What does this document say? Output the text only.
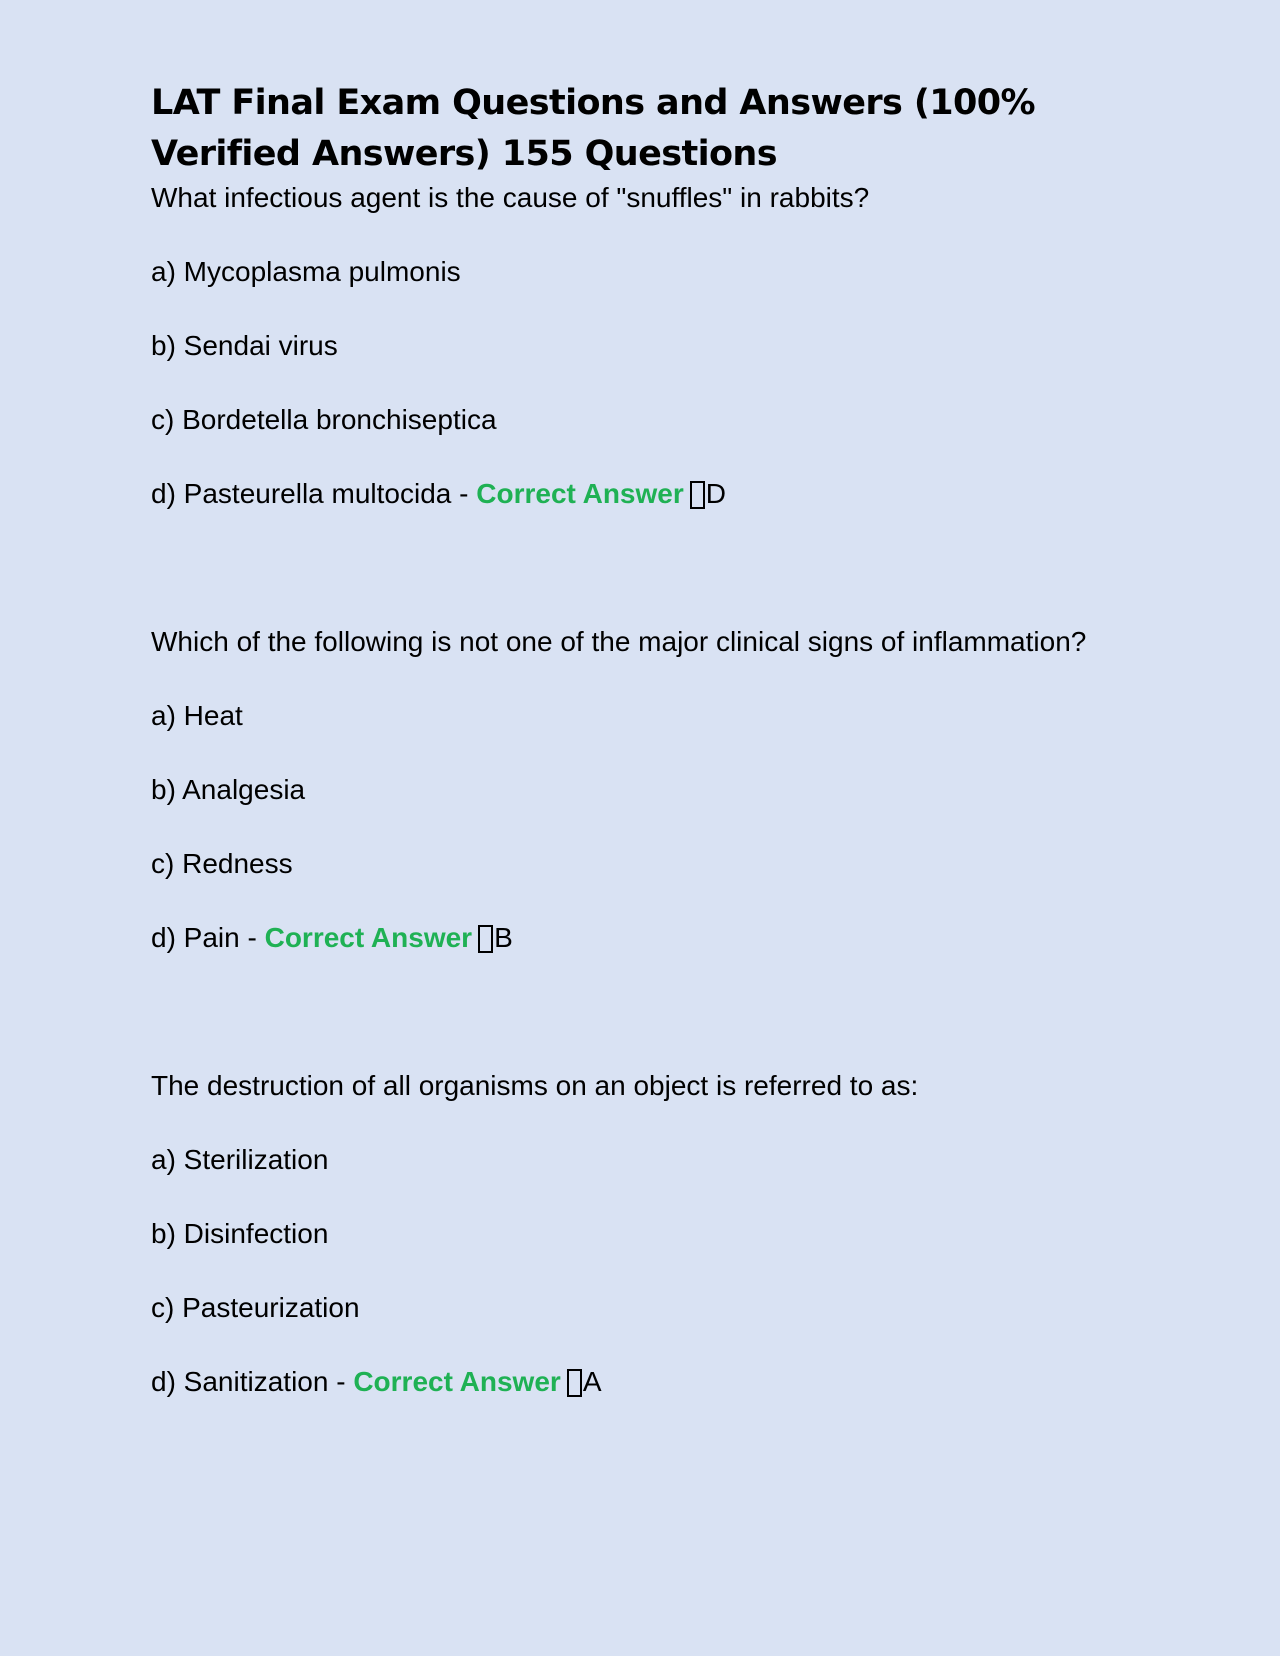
LAT Final Exam Questions and Answers (100% Verified Answers) 155 Questions

What infectious agent is the cause of "snuffles" in rabbits?

a) Mycoplasma pulmonis

b) Sendai virus

c) Bordetella bronchiseptica

d) Pasteurella multocida - Correct Answer D

Which of the following is not one of the major clinical signs of inflammation?

a) Heat

b) Analgesia

c) Redness

d) Pain - Correct Answer B

The destruction of all organisms on an object is referred to as:

a) Sterilization

b) Disinfection

c) Pasteurization

d) Sanitization - Correct Answer A
